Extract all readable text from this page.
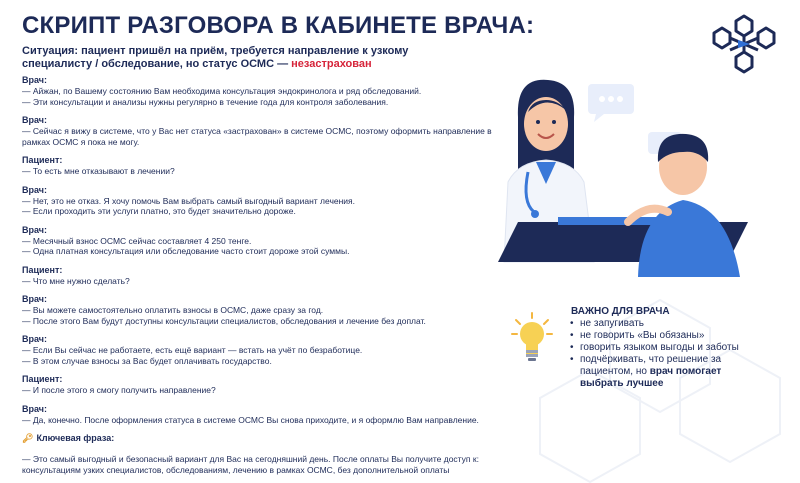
СКРИПТ РАЗГОВОРА В КАБИНЕТЕ ВРАЧА:
Ситуация: пациент пришёл на приём, требуется направление к узкому специалисту / обследование, но статус ОСМС — незастрахован
Врач:
— Айжан, по Вашему состоянию Вам необходима консультация эндокринолога и ряд обследований.
— Эти консультации и анализы нужны регулярно в течение года для контроля заболевания.
Врач:
— Сейчас я вижу в системе, что у Вас нет статуса «застрахован» в системе ОСМС, поэтому оформить направление в рамках ОСМС я пока не могу.
Пациент:
— То есть мне отказывают в лечении?
Врач:
— Нет, это не отказ. Я хочу помочь Вам выбрать самый выгодный вариант лечения.
— Если проходить эти услуги платно, это будет значительно дороже.
Врач:
— Месячный взнос ОСМС сейчас составляет 4 250 тенге.
— Одна платная консультация или обследование часто стоит дороже этой суммы.
Пациент:
— Что мне нужно сделать?
Врач:
— Вы можете самостоятельно оплатить взносы в ОСМС, даже сразу за год.
— После этого Вам будут доступны консультации специалистов, обследования и лечение без доплат.
Врач:
— Если Вы сейчас не работаете, есть ещё вариант — встать на учёт по безработице.
— В этом случае взносы за Вас будет оплачивать государство.
Пациент:
— И после этого я смогу получить направление?
Врач:
— Да, конечно. После оформления статуса в системе ОСМС Вы снова приходите, и я оформлю Вам направление.
🔑︎ Ключевая фраза:
— Это самый выгодный и безопасный вариант для Вас на сегодняшний день. После оплаты Вы получите доступ к: консультациям узких специалистов, обследованиям, лечению в рамках ОСМС, без дополнительной оплаты
ВАЖНО ДЛЯ ВРАЧА
• не запугивать
• не говорить «Вы обязаны»
• говорить языком выгоды и заботы
• подчёркивать, что решение за пациентом, но врач помогает выбрать лучшее
